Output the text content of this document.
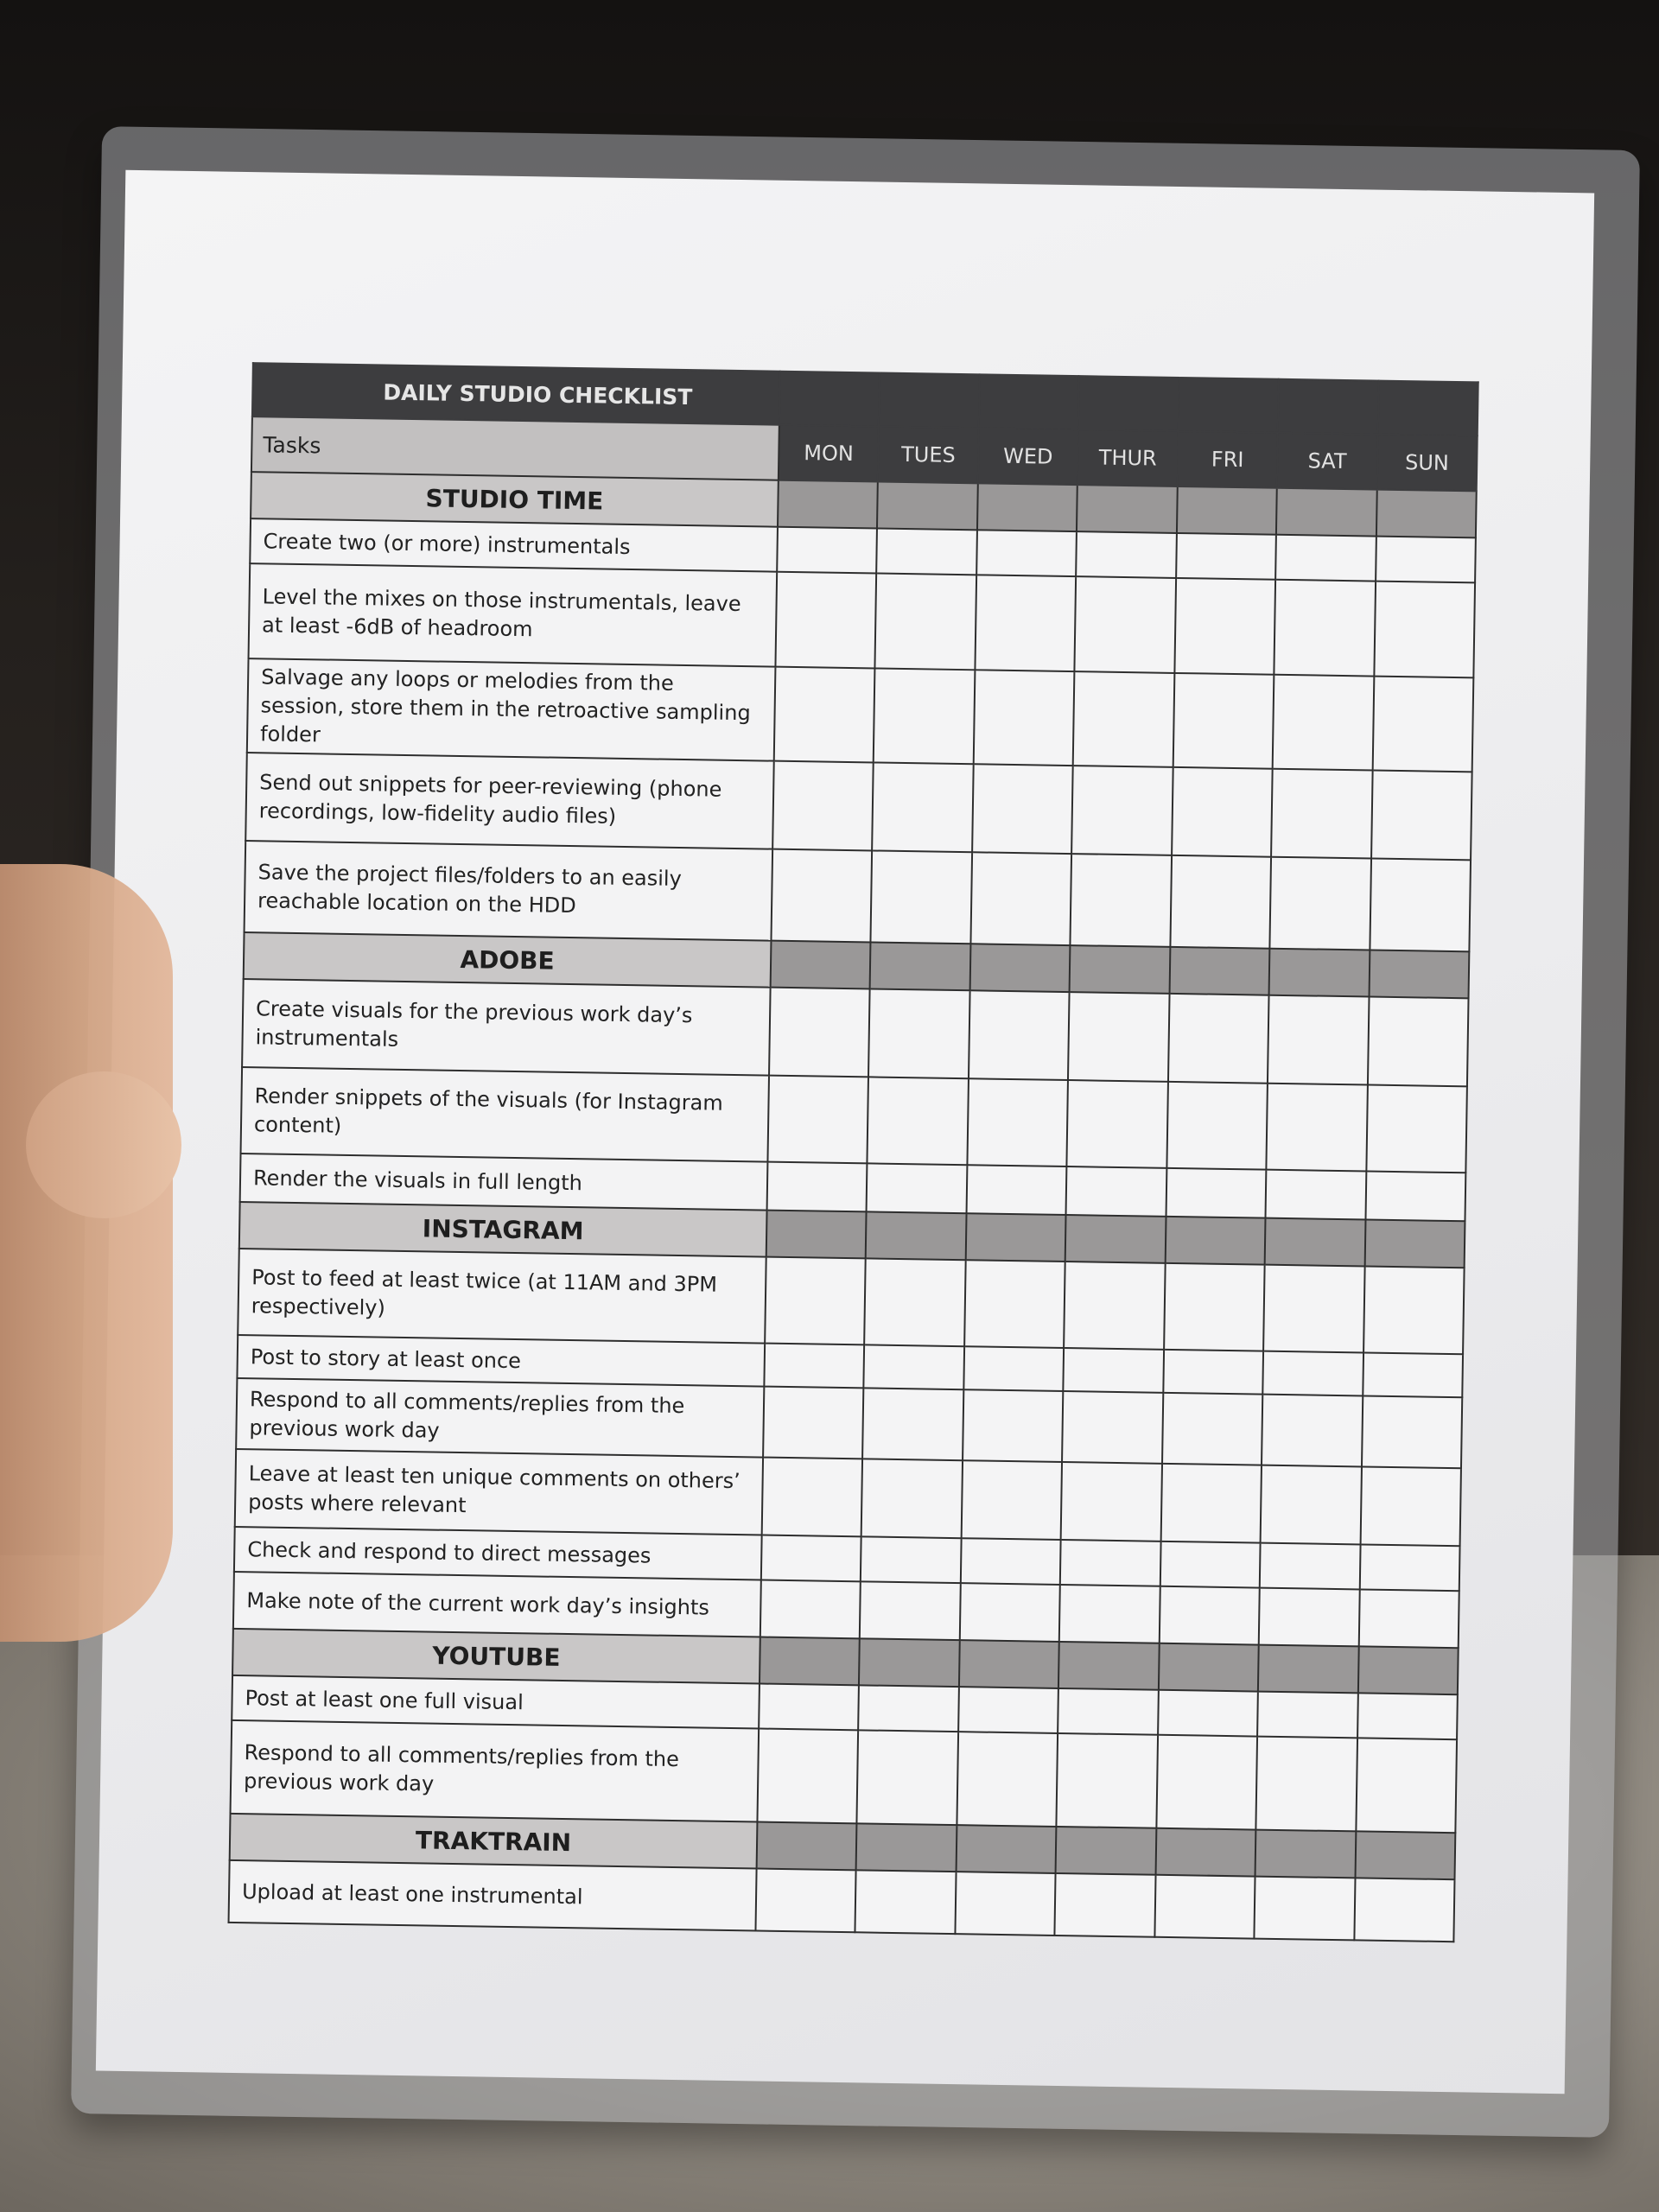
DAILY STUDIO CHECKLIST							
Tasks	MON	TUES	WED	THUR	FRI	SAT	SUN
STUDIO TIME							
Create two (or more) instrumentals							
Level the mixes on those instrumentals, leave at least -6dB of headroom							
Salvage any loops or melodies from the session, store them in the retroactive sampling folder							
Send out snippets for peer-reviewing (phone recordings, low-fidelity audio files)							
Save the project files/folders to an easily reachable location on the HDD							
ADOBE							
Create visuals for the previous work day’s instrumentals							
Render snippets of the visuals (for Instagram content)							
Render the visuals in full length							
INSTAGRAM							
Post to feed at least twice (at 11AM and 3PM respectively)							
Post to story at least once							
Respond to all comments/replies from the previous work day							
Leave at least ten unique comments on others’ posts where relevant							
Check and respond to direct messages							
Make note of the current work day’s insights							
YOUTUBE							
Post at least one full visual							
Respond to all comments/replies from the previous work day							
TRAKTRAIN							
Upload at least one instrumental							
